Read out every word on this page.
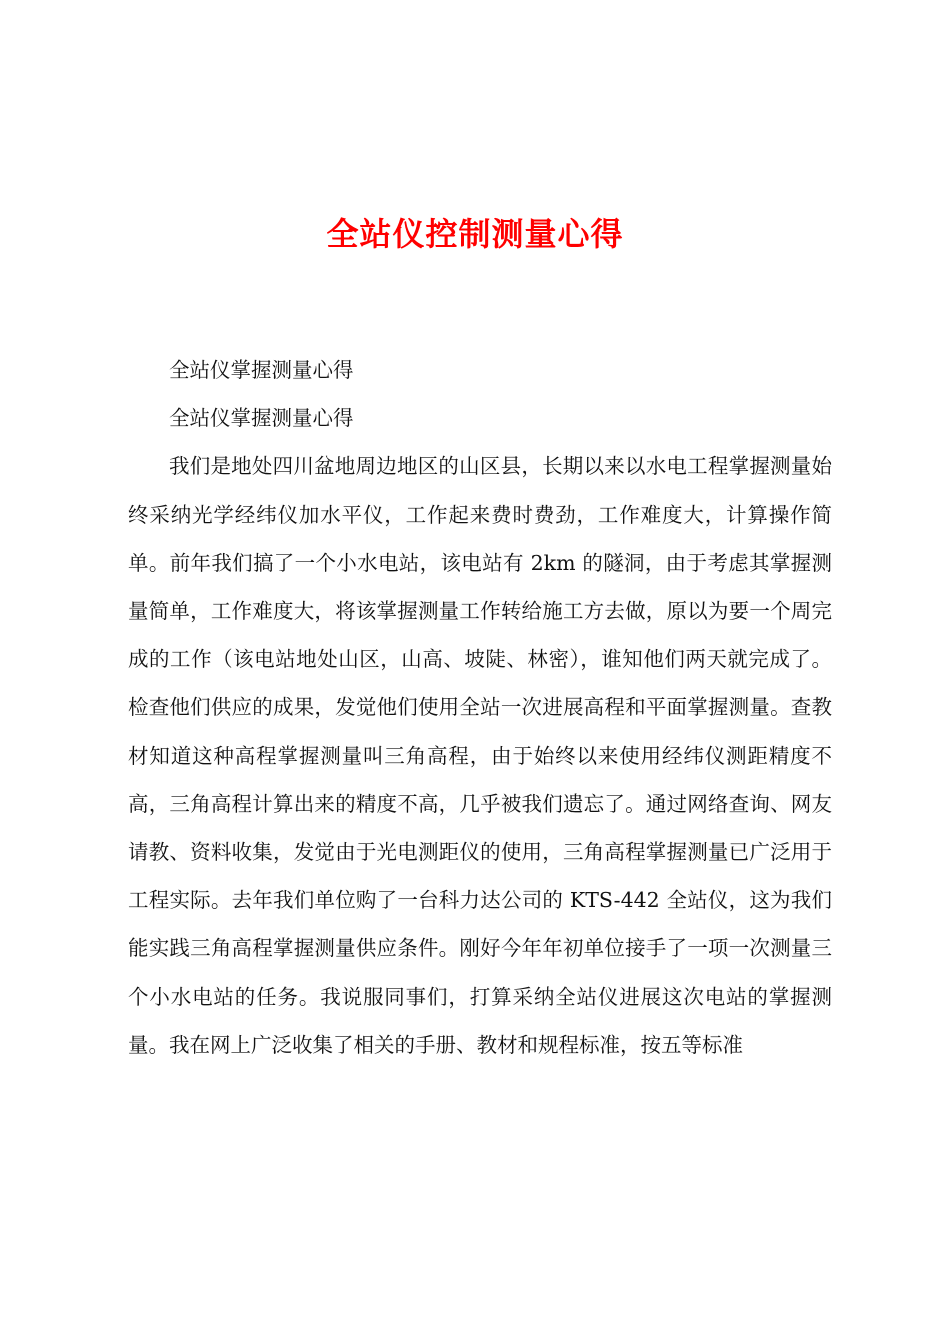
全站仪控制测量心得

全站仪掌握测量心得

全站仪掌握测量心得

我们是地处四川盆地周边地区的山区县，长期以来以水电工程掌握测量始终采纳光学经纬仪加水平仪，工作起来费时费劲，工作难度大，计算操作简单。前年我们搞了一个小水电站，该电站有 2km 的隧洞，由于考虑其掌握测量简单，工作难度大，将该掌握测量工作转给施工方去做，原以为要一个周完成的工作（该电站地处山区，山高、坡陡、林密），谁知他们两天就完成了。检查他们供应的成果，发觉他们使用全站一次进展高程和平面掌握测量。查教材知道这种高程掌握测量叫三角高程，由于始终以来使用经纬仪测距精度不高，三角高程计算出来的精度不高，几乎被我们遗忘了。通过网络查询、网友请教、资料收集，发觉由于光电测距仪的使用，三角高程掌握测量已广泛用于工程实际。去年我们单位购了一台科力达公司的 KTS-442 全站仪，这为我们能实践三角高程掌握测量供应条件。刚好今年年初单位接手了一项一次测量三个小水电站的任务。我说服同事们，打算采纳全站仪进展这次电站的掌握测量。我在网上广泛收集了相关的手册、教材和规程标准，按五等标准
